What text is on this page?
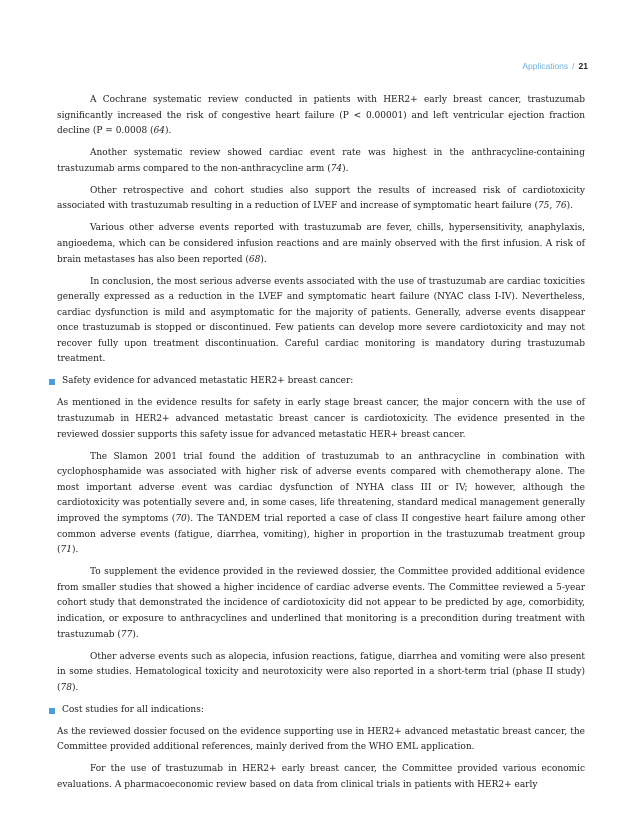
Applications / 21

A Cochrane systematic review conducted in patients with HER2+ early breast cancer, trastuzumab significantly increased the risk of congestive heart failure (P < 0.00001) and left ventricular ejection fraction decline (P = 0.0008 (64).

Another systematic review showed cardiac event rate was highest in the anthracycline-containing trastuzumab arms compared to the non-anthracycline arm (74).

Other retrospective and cohort studies also support the results of increased risk of cardiotoxicity associated with trastuzumab resulting in a reduction of LVEF and increase of symptomatic heart failure (75, 76).

Various other adverse events reported with trastuzumab are fever, chills, hypersensitivity, anaphylaxis, angioedema, which can be considered infusion reactions and are mainly observed with the first infusion. A risk of brain metastases has also been reported (68).

In conclusion, the most serious adverse events associated with the use of trastuzumab are cardiac toxicities generally expressed as a reduction in the LVEF and symptomatic heart failure (NYAC class I-IV). Nevertheless, cardiac dysfunction is mild and asymptomatic for the majority of patients. Generally, adverse events disappear once trastuzumab is stopped or discontinued. Few patients can develop more severe cardiotoxicity and may not recover fully upon treatment discontinuation. Careful cardiac monitoring is mandatory during trastuzumab treatment.

Safety evidence for advanced metastatic HER2+ breast cancer:

As mentioned in the evidence results for safety in early stage breast cancer, the major concern with the use of trastuzumab in HER2+ advanced metastatic breast cancer is cardiotoxicity. The evidence presented in the reviewed dossier supports this safety issue for advanced metastatic HER+ breast cancer.

The Slamon 2001 trial found the addition of trastuzumab to an anthracycline in combination with cyclophosphamide was associated with higher risk of adverse events compared with chemotherapy alone. The most important adverse event was cardiac dysfunction of NYHA class III or IV; however, although the cardiotoxicity was potentially severe and, in some cases, life threatening, standard medical management generally improved the symptoms (70). The TANDEM trial reported a case of class II congestive heart failure among other common adverse events (fatigue, diarrhea, vomiting), higher in proportion in the trastuzumab treatment group (71).

To supplement the evidence provided in the reviewed dossier, the Committee provided additional evidence from smaller studies that showed a higher incidence of cardiac adverse events. The Committee reviewed a 5-year cohort study that demonstrated the incidence of cardiotoxicity did not appear to be predicted by age, comorbidity, indication, or exposure to anthracyclines and underlined that monitoring is a precondition during treatment with trastuzumab (77).

Other adverse events such as alopecia, infusion reactions, fatigue, diarrhea and vomiting were also present in some studies. Hematological toxicity and neurotoxicity were also reported in a short-term trial (phase II study) (78).

Cost studies for all indications:

As the reviewed dossier focused on the evidence supporting use in HER2+ advanced metastatic breast cancer, the Committee provided additional references, mainly derived from the WHO EML application.

For the use of trastuzumab in HER2+ early breast cancer, the Committee provided various economic evaluations. A pharmacoeconomic review based on data from clinical trials in patients with HER2+ early
